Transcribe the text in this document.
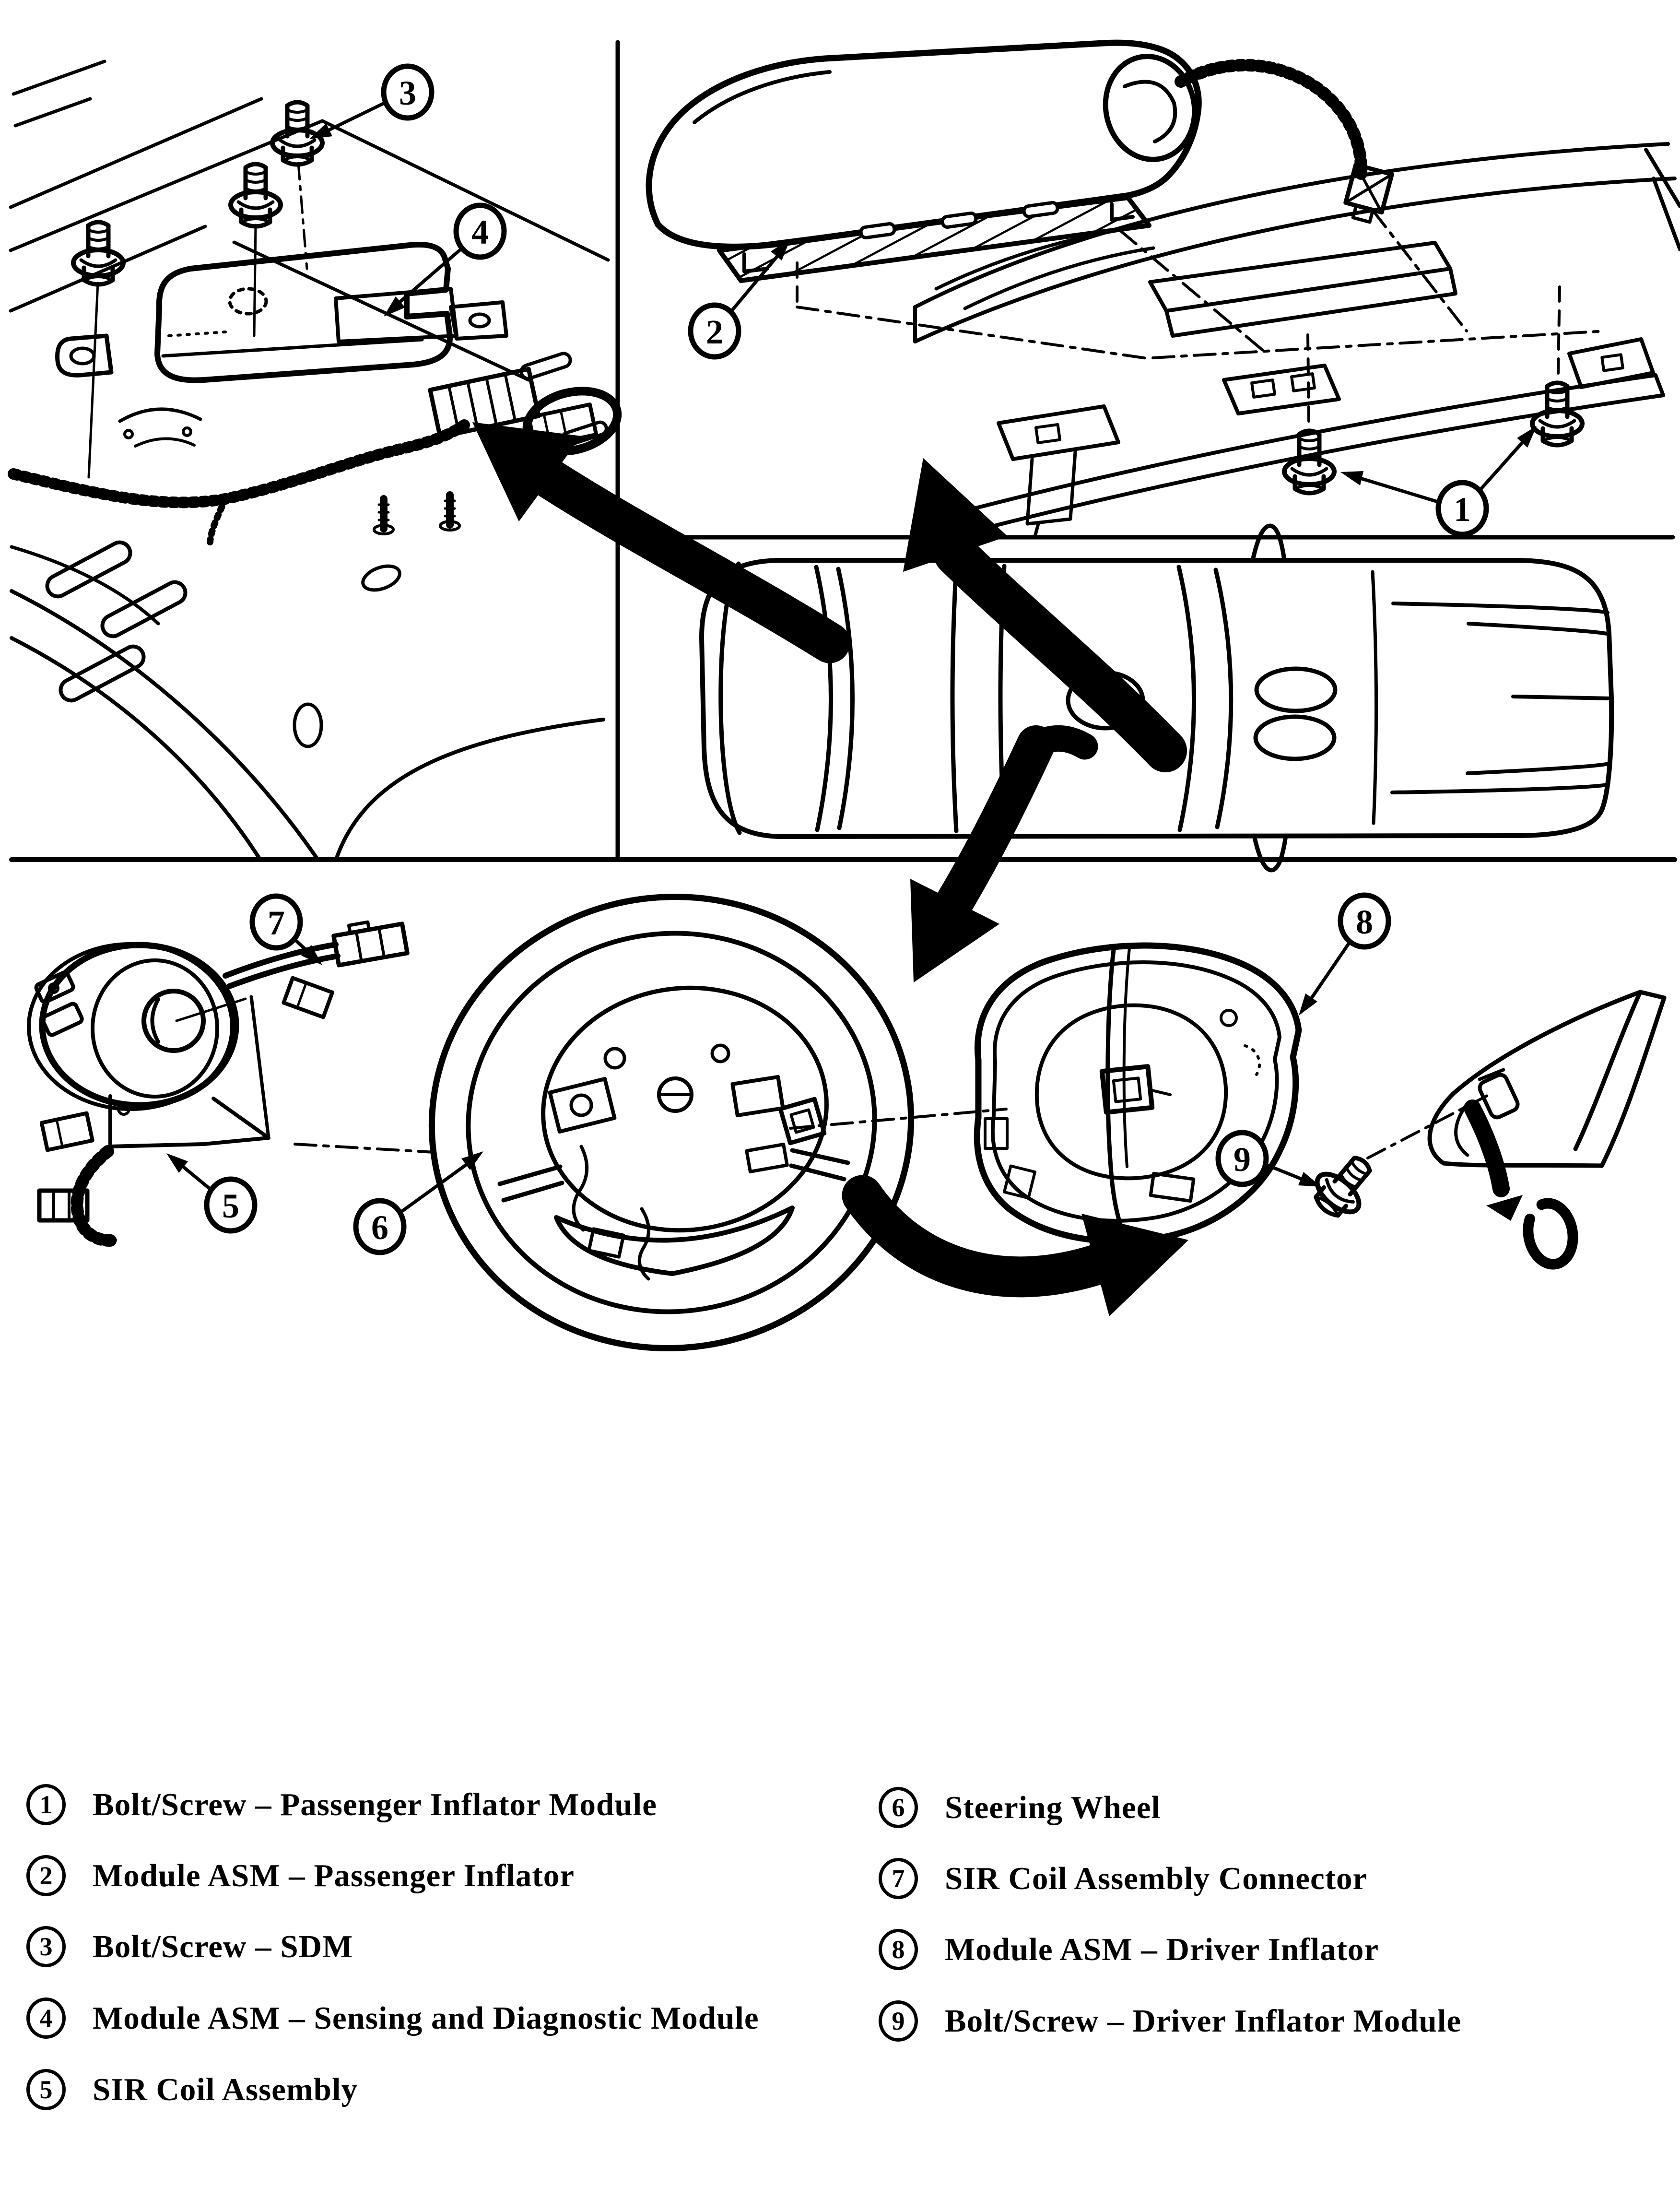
3
4
2
1
5
6
7	8
9
1	Bolt/Screw – Passenger Inflator Module
2	Module ASM – Passenger Inflator
3	Bolt/Screw – SDM
4	Module ASM – Sensing and Diagnostic Module
5	SIR Coil Assembly
6	Steering Wheel
7	SIR Coil Assembly Connector
8	Module ASM – Driver Inflator
9	Bolt/Screw – Driver Inflator Module
